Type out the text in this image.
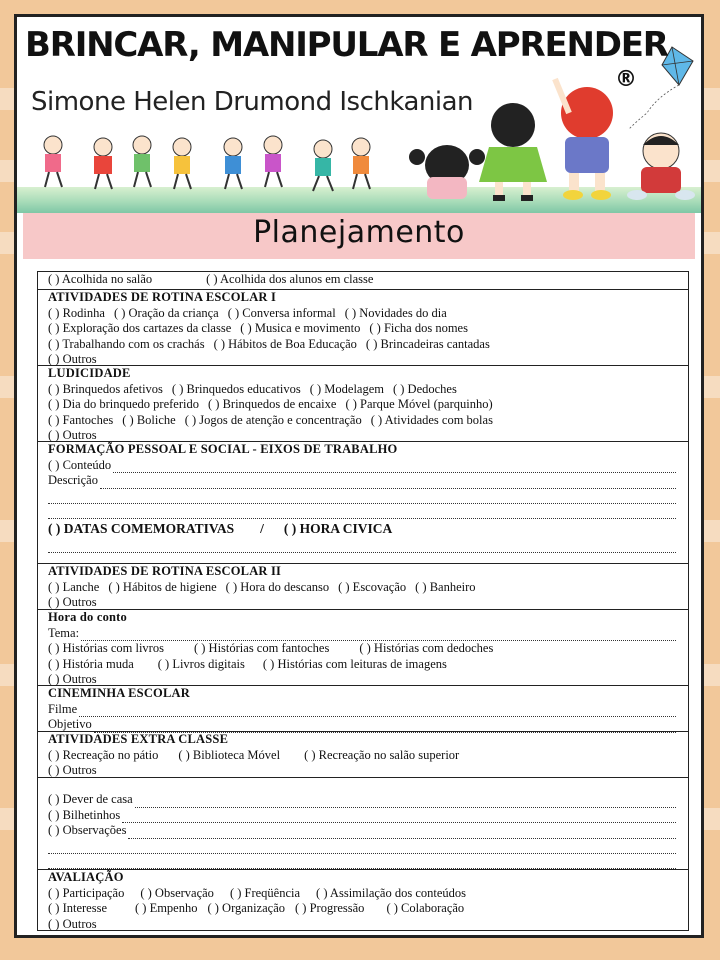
BRINCAR, MANIPULAR E APRENDER
®
Simone Helen Drumond Ischkanian
Planejamento
( ) Acolhida no salão	( ) Acolhida dos alunos em classe
ATIVIDADES DE ROTINA ESCOLAR I
( ) Rodinha ( ) Oração da criança ( ) Conversa informal ( ) Novidades do dia
( ) Exploração dos cartazes da classe ( ) Musica e movimento ( ) Ficha dos nomes
( ) Trabalhando com os crachás ( ) Hábitos de Boa Educação ( ) Brincadeiras cantadas
( ) Outros
LUDICIDADE
( ) Brinquedos afetivos ( ) Brinquedos educativos ( ) Modelagem ( ) Dedoches
( ) Dia do brinquedo preferido ( ) Brinquedos de encaixe ( ) Parque Móvel (parquinho)
( ) Fantoches ( ) Boliche ( ) Jogos de atenção e concentração ( ) Atividades com bolas
( ) Outros
FORMAÇÃO PESSOAL E SOCIAL - EIXOS DE TRABALHO
( ) Conteúdo
Descrição
( ) DATAS COMEMORATIVAS / ( ) HORA CIVICA
ATIVIDADES DE ROTINA ESCOLAR II
( ) Lanche ( ) Hábitos de higiene ( ) Hora do descanso ( ) Escovação ( ) Banheiro
( ) Outros
Hora do conto
Tema:
( ) Histórias com livros ( ) Histórias com fantoches ( ) Histórias com dedoches
( ) História muda ( ) Livros digitais ( ) Histórias com leituras de imagens
( ) Outros
CINEMINHA ESCOLAR
Filme
Objetivo
ATIVIDADES EXTRA CLASSE
( ) Recreação no pátio ( ) Biblioteca Móvel ( ) Recreação no salão superior
( ) Outros
( ) Dever de casa
( ) Bilhetinhos
( ) Observações
AVALIAÇÃO
( ) Participação ( ) Observação ( ) Freqüência ( ) Assimilação dos conteúdos
( ) Interesse ( ) Empenho ( ) Organização ( ) Progressão ( ) Colaboração
( ) Outros
